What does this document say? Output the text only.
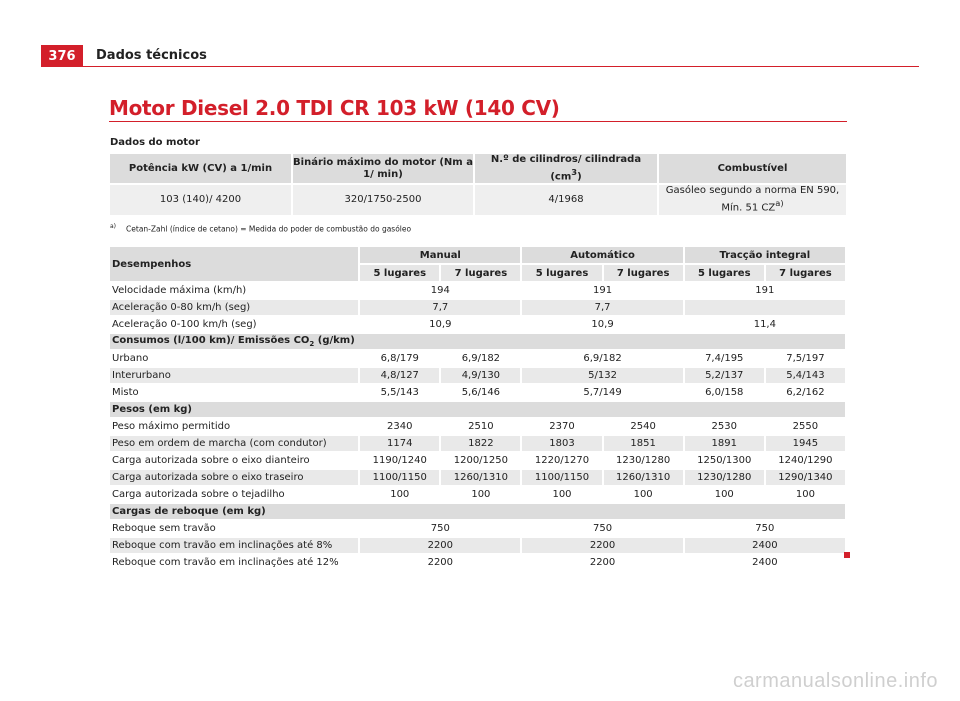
376	Dados técnicos
Motor Diesel 2.0 TDI CR 103 kW (140 CV)
Dados do motor
Potência kW (CV) a 1/min	Binário máximo do motor (Nm a 1/ min)	N.º de cilindros/ cilindrada $(cm^3)$	Combustível
103 (140)/ 4200	320/1750-2500	4/1968	Gasóleo segundo a norma EN 590, Mín. 51 CZ$^{a)}$
$^{a)}$ Cetan-Zahl (índice de cetano) = Medida do poder de combustão do gasóleo
Desempenhos	Manual		Automático		Tracção integral	
	5 lugares	7 lugares	5 lugares	7 lugares	5 lugares	7 lugares
Velocidade máxima (km/h)	194		191		191	
Aceleração 0-80 km/h (seg)	7,7		7,7			
Aceleração 0-100 km/h (seg)	10,9		10,9		11,4	
Consumos (l/100 km)/ Emissões $CO_2$ (g/km)						
Urbano	6,8/179	6,9/182	6,9/182		7,4/195	7,5/197
Interurbano	4,8/127	4,9/130	5/132		5,2/137	5,4/143
Misto	5,5/143	5,6/146	5,7/149		6,0/158	6,2/162
Pesos (em kg)						
Peso máximo permitido	2340	2510	2370	2540	2530	2550
Peso em ordem de marcha (com condutor)	1174	1822	1803	1851	1891	1945
Carga autorizada sobre o eixo dianteiro	1190/1240	1200/1250	1220/1270	1230/1280	1250/1300	1240/1290
Carga autorizada sobre o eixo traseiro	1100/1150	1260/1310	1100/1150	1260/1310	1230/1280	1290/1340
Carga autorizada sobre o tejadilho	100	100	100	100	100	100
Cargas de reboque (em kg)						
Reboque sem travão	750		750		750	
Reboque com travão em inclinações até 8%	2200		2200		2400	
Reboque com travão em inclinações até 12%	2200		2200		2400	
carmanualsonline.info
